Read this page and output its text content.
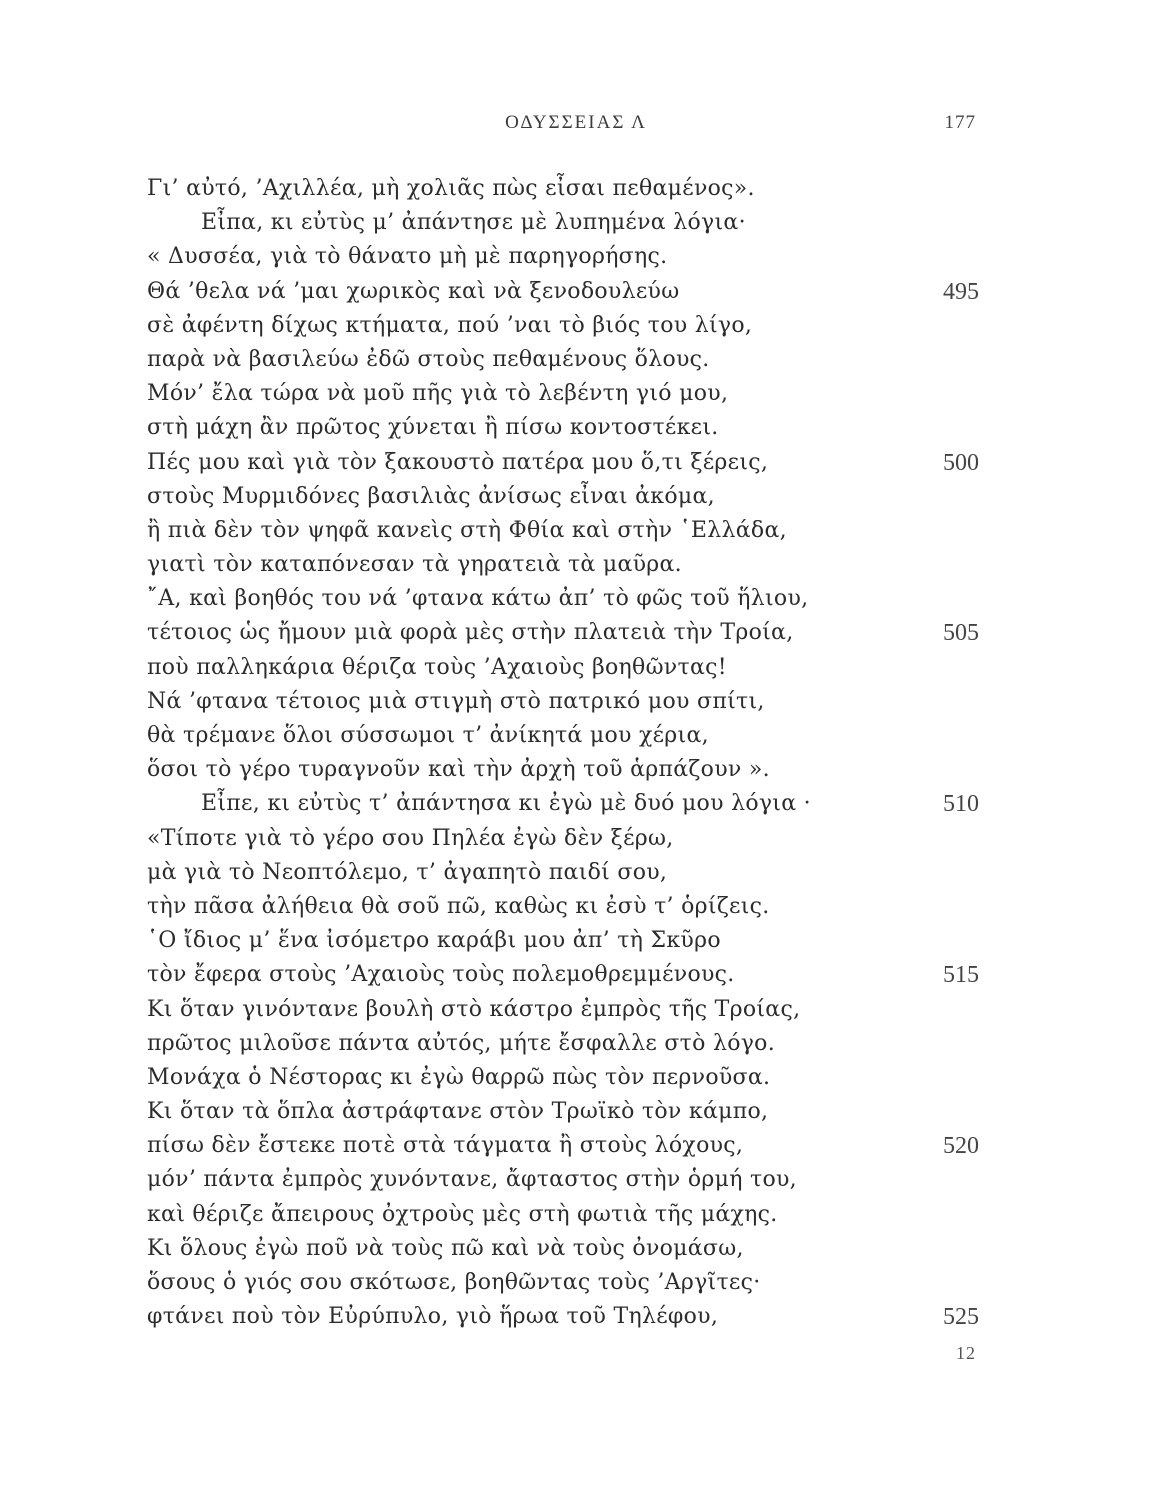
ΟΔΥΣΣΕΙΑΣ Λ	177
Γι’ αὐτό, ’Αχιλλέα, μὴ χολιᾶς πὼς εἶσαι πεθαμένος».
Εἶπα, κι εὐτὺς μ’ ἀπάντησε μὲ λυπημένα λόγια·
« Δυσσέα, γιὰ τὸ θάνατο μὴ μὲ παρηγορήσης.
Θά ’θελα νά ’μαι χωρικὸς καὶ νὰ ξενοδουλεύω	495
σὲ ἀφέντη δίχως κτήματα, πού ’ναι τὸ βιός του λίγο,
παρὰ νὰ βασιλεύω ἐδῶ στοὺς πεθαμένους ὅλους.
Μόν’ ἔλα τώρα νὰ μοῦ πῆς γιὰ τὸ λεβέντη γιό μου,
στὴ μάχη ἂν πρῶτος χύνεται ἢ πίσω κοντοστέκει.
Πές μου καὶ γιὰ τὸν ξακουστὸ πατέρα μου ὅ,τι ξέρεις,	500
στοὺς Μυρμιδόνες βασιλιὰς ἀνίσως εἶναι ἀκόμα,
ἢ πιὰ δὲν τὸν ψηφᾶ κανεὶς στὴ Φθία καὶ στὴν ῾Ελλάδα,
γιατὶ τὸν καταπόνεσαν τὰ γηρατειὰ τὰ μαῦρα.
῎Α, καὶ βοηθός του νά ’φτανα κάτω ἀπ’ τὸ φῶς τοῦ ἥλιου,
τέτοιος ὡς ἤμουν μιὰ φορὰ μὲς στὴν πλατειὰ τὴν Τροία,	505
ποὺ παλληκάρια θέριζα τοὺς ’Αχαιοὺς βοηθῶντας!
Νά ’φτανα τέτοιος μιὰ στιγμὴ στὸ πατρικό μου σπίτι,
θὰ τρέμανε ὅλοι σύσσωμοι τ’ ἀνίκητά μου χέρια,
ὅσοι τὸ γέρο τυραγνοῦν καὶ τὴν ἀρχὴ τοῦ ἁρπάζουν ».
Εἶπε, κι εὐτὺς τ’ ἀπάντησα κι ἐγὼ μὲ δυό μου λόγια ·	510
«Τίποτε γιὰ τὸ γέρο σου Πηλέα ἐγὼ δὲν ξέρω,
μὰ γιὰ τὸ Νεοπτόλεμο, τ’ ἀγαπητὸ παιδί σου,
τὴν πᾶσα ἀλήθεια θὰ σοῦ πῶ, καθὼς κι ἐσὺ τ’ ὁρίζεις.
῾Ο ἴδιος μ’ ἕνα ἰσόμετρο καράβι μου ἀπ’ τὴ Σκῦρο
τὸν ἔφερα στοὺς ’Αχαιοὺς τοὺς πολεμοθρεμμένους.	515
Κι ὅταν γινόντανε βουλὴ στὸ κάστρο ἐμπρὸς τῆς Τροίας,
πρῶτος μιλοῦσε πάντα αὐτός, μήτε ἔσφαλλε στὸ λόγο.
Μονάχα ὁ Νέστορας κι ἐγὼ θαρρῶ πὼς τὸν περνοῦσα.
Κι ὅταν τὰ ὅπλα ἀστράφτανε στὸν Τρωϊκὸ τὸν κάμπο,
πίσω δὲν ἔστεκε ποτὲ στὰ τάγματα ἢ στοὺς λόχους,	520
μόν’ πάντα ἐμπρὸς χυνόντανε, ἄφταστος στὴν ὁρμή του,
καὶ θέριζε ἄπειρους ὀχτροὺς μὲς στὴ φωτιὰ τῆς μάχης.
Κι ὅλους ἐγὼ ποῦ νὰ τοὺς πῶ καὶ νὰ τοὺς ὀνομάσω,
ὅσους ὁ γιός σου σκότωσε, βοηθῶντας τοὺς ’Αργῖτες·
φτάνει ποὺ τὸν Εὐρύπυλο, γιὸ ἥρωα τοῦ Τηλέφου,	525
12
